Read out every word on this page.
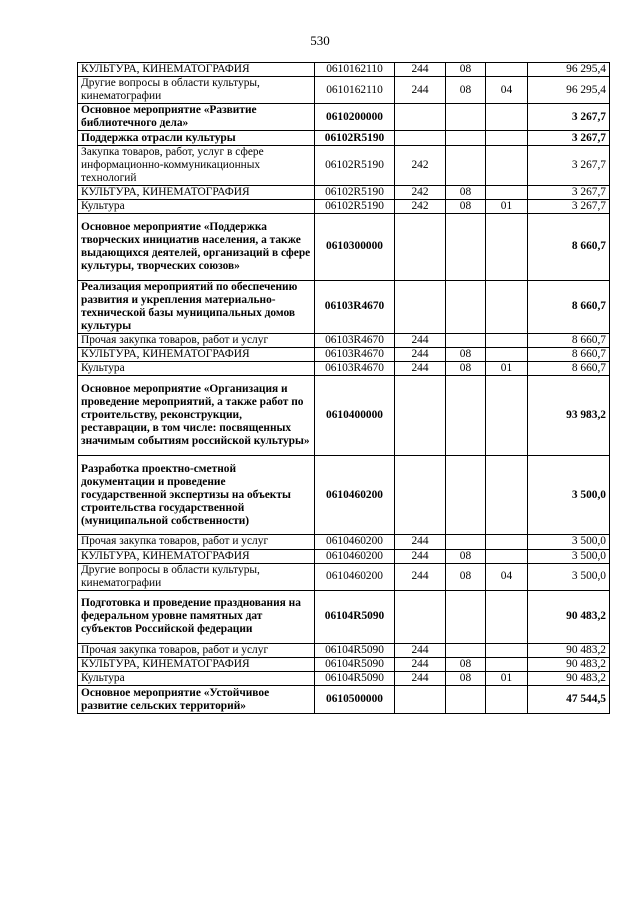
530
КУЛЬТУРА, КИНЕМАТОГРАФИЯ	0610162110	244	08		96 295,4
Другие вопросы в области культуры, кинематографии	0610162110	244	08	04	96 295,4
Основное мероприятие «Развитие библиотечного дела»	0610200000				3 267,7
Поддержка отрасли культуры	06102R5190				3 267,7
Закупка товаров, работ, услуг в сфере информационно-коммуникационных технологий	06102R5190	242			3 267,7
КУЛЬТУРА, КИНЕМАТОГРАФИЯ	06102R5190	242	08		3 267,7
Культура	06102R5190	242	08	01	3 267,7
Основное мероприятие «Поддержка творческих инициатив населения, а также выдающихся деятелей, организаций в сфере культуры, творческих союзов»	0610300000				8 660,7
Реализация мероприятий по обеспечению развития и укрепления материально-технической базы муниципальных домов культуры	06103R4670				8 660,7
Прочая закупка товаров, работ и услуг	06103R4670	244			8 660,7
КУЛЬТУРА, КИНЕМАТОГРАФИЯ	06103R4670	244	08		8 660,7
Культура	06103R4670	244	08	01	8 660,7
Основное мероприятие «Организация и проведение мероприятий, а также работ по строительству, реконструкции, реставрации, в том числе: посвященных значимым событиям российской культуры»	0610400000				93 983,2
Разработка проектно-сметной документации и проведение государственной экспертизы на объекты строительства государственной (муниципальной собственности)	0610460200				3 500,0
Прочая закупка товаров, работ и услуг	0610460200	244			3 500,0
КУЛЬТУРА, КИНЕМАТОГРАФИЯ	0610460200	244	08		3 500,0
Другие вопросы в области культуры, кинематографии	0610460200	244	08	04	3 500,0
Подготовка и проведение празднования на федеральном уровне памятных дат субъектов Российской федерации	06104R5090				90 483,2
Прочая закупка товаров, работ и услуг	06104R5090	244			90 483,2
КУЛЬТУРА, КИНЕМАТОГРАФИЯ	06104R5090	244	08		90 483,2
Культура	06104R5090	244	08	01	90 483,2
Основное мероприятие «Устойчивое развитие сельских территорий»	0610500000				47 544,5
